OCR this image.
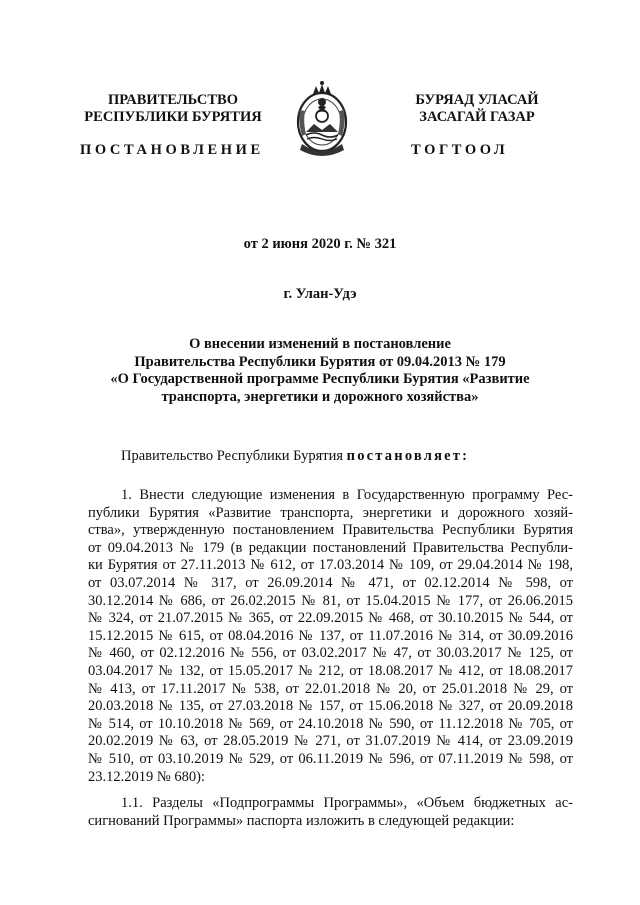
ПРАВИТЕЛЬСТВО
РЕСПУБЛИКИ БУРЯТИЯ
БУРЯАД УЛАСАЙ
ЗАСАГАЙ ГАЗАР
ПОСТАНОВЛЕНИЕ	ТОГТООЛ
от 2 июня 2020 г. № 321
г. Улан-Удэ
О внесении изменений в постановление
Правительства Республики Бурятия от 09.04.2013 № 179
«О Государственной программе Республики Бурятия «Развитие
транспорта, энергетики и дорожного хозяйства»
Правительство Республики Бурятия постановляет:
1. Внести следующие изменения в Государственную программу Рес-
публики Бурятия «Развитие транспорта, энергетики и дорожного хозяй-
ства», утвержденную постановлением Правительства Республики Бурятия
от 09.04.2013 № 179 (в редакции постановлений Правительства Республи-
ки Бурятия от 27.11.2013 № 612, от 17.03.2014 № 109, от 29.04.2014 № 198,
от 03.07.2014 № 317, от 26.09.2014 № 471, от 02.12.2014 № 598, от
30.12.2014 № 686, от 26.02.2015 № 81, от 15.04.2015 № 177, от 26.06.2015
№ 324, от 21.07.2015 № 365, от 22.09.2015 № 468, от 30.10.2015 № 544, от
15.12.2015 № 615, от 08.04.2016 № 137, от 11.07.2016 № 314, от 30.09.2016
№ 460, от 02.12.2016 № 556, от 03.02.2017 № 47, от 30.03.2017 № 125, от
03.04.2017 № 132, от 15.05.2017 № 212, от 18.08.2017 № 412, от 18.08.2017
№ 413, от 17.11.2017 № 538, от 22.01.2018 № 20, от 25.01.2018 № 29, от
20.03.2018 № 135, от 27.03.2018 № 157, от 15.06.2018 № 327, от 20.09.2018
№ 514, от 10.10.2018 № 569, от 24.10.2018 № 590, от 11.12.2018 № 705, от
20.02.2019 № 63, от 28.05.2019 № 271, от 31.07.2019 № 414, от 23.09.2019
№ 510, от 03.10.2019 № 529, от 06.11.2019 № 596, от 07.11.2019 № 598, от
23.12.2019 № 680):
1.1. Разделы «Подпрограммы Программы», «Объем бюджетных ас-
сигнований Программы» паспорта изложить в следующей редакции:
